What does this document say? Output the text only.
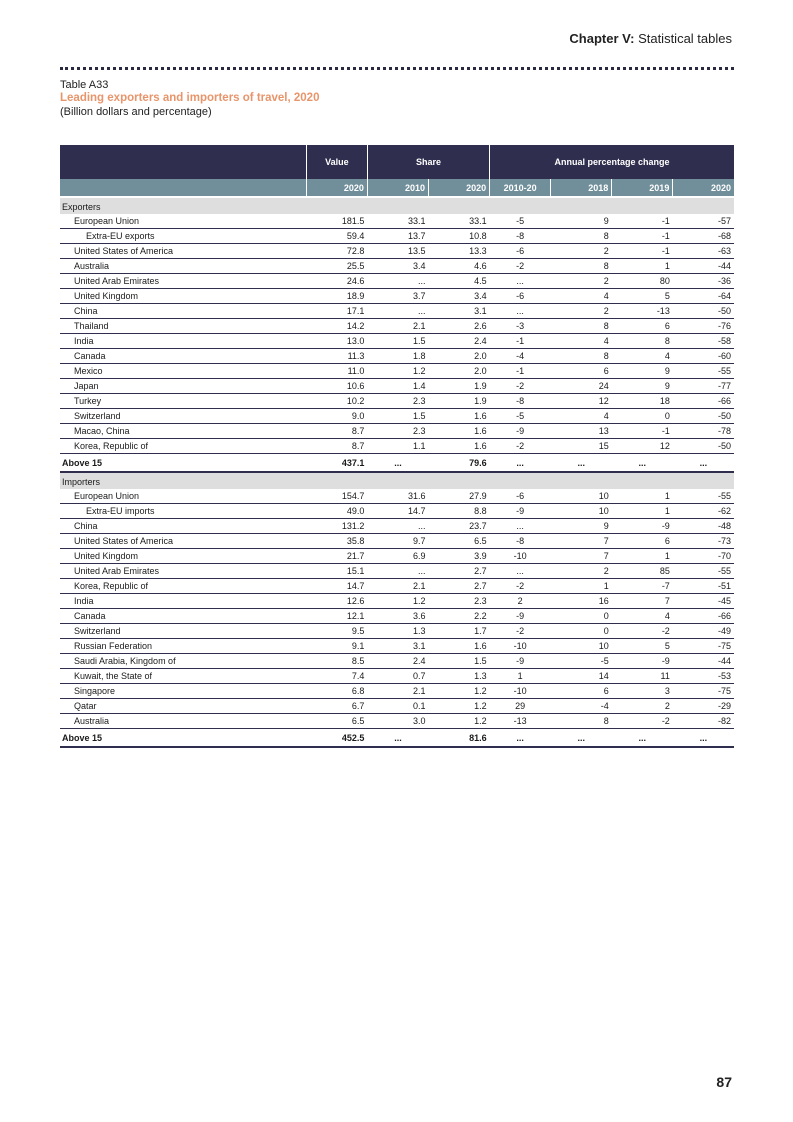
Chapter V: Statistical tables
Table A33
Leading exporters and importers of travel, 2020
(Billion dollars and percentage)
	Value	Share		Annual percentage change			
	2020	2010	2020	2010-20	2018	2019	2020
Exporters							
European Union	181.5	33.1	33.1	-5	9	-1	-57
Extra-EU exports	59.4	13.7	10.8	-8	8	-1	-68
United States of America	72.8	13.5	13.3	-6	2	-1	-63
Australia	25.5	3.4	4.6	-2	8	1	-44
United Arab Emirates	24.6	...	4.5	...	2	80	-36
United Kingdom	18.9	3.7	3.4	-6	4	5	-64
China	17.1	...	3.1	...	2	-13	-50
Thailand	14.2	2.1	2.6	-3	8	6	-76
India	13.0	1.5	2.4	-1	4	8	-58
Canada	11.3	1.8	2.0	-4	8	4	-60
Mexico	11.0	1.2	2.0	-1	6	9	-55
Japan	10.6	1.4	1.9	-2	24	9	-77
Turkey	10.2	2.3	1.9	-8	12	18	-66
Switzerland	9.0	1.5	1.6	-5	4	0	-50
Macao, China	8.7	2.3	1.6	-9	13	-1	-78
Korea, Republic of	8.7	1.1	1.6	-2	15	12	-50
Above 15	437.1	...	79.6	...	...	...	...
Importers							
European Union	154.7	31.6	27.9	-6	10	1	-55
Extra-EU imports	49.0	14.7	8.8	-9	10	1	-62
China	131.2	...	23.7	...	9	-9	-48
United States of America	35.8	9.7	6.5	-8	7	6	-73
United Kingdom	21.7	6.9	3.9	-10	7	1	-70
United Arab Emirates	15.1	...	2.7	...	2	85	-55
Korea, Republic of	14.7	2.1	2.7	-2	1	-7	-51
India	12.6	1.2	2.3	2	16	7	-45
Canada	12.1	3.6	2.2	-9	0	4	-66
Switzerland	9.5	1.3	1.7	-2	0	-2	-49
Russian Federation	9.1	3.1	1.6	-10	10	5	-75
Saudi Arabia, Kingdom of	8.5	2.4	1.5	-9	-5	-9	-44
Kuwait, the State of	7.4	0.7	1.3	1	14	11	-53
Singapore	6.8	2.1	1.2	-10	6	3	-75
Qatar	6.7	0.1	1.2	29	-4	2	-29
Australia	6.5	3.0	1.2	-13	8	-2	-82
Above 15	452.5	...	81.6	...	...	...	...
87
